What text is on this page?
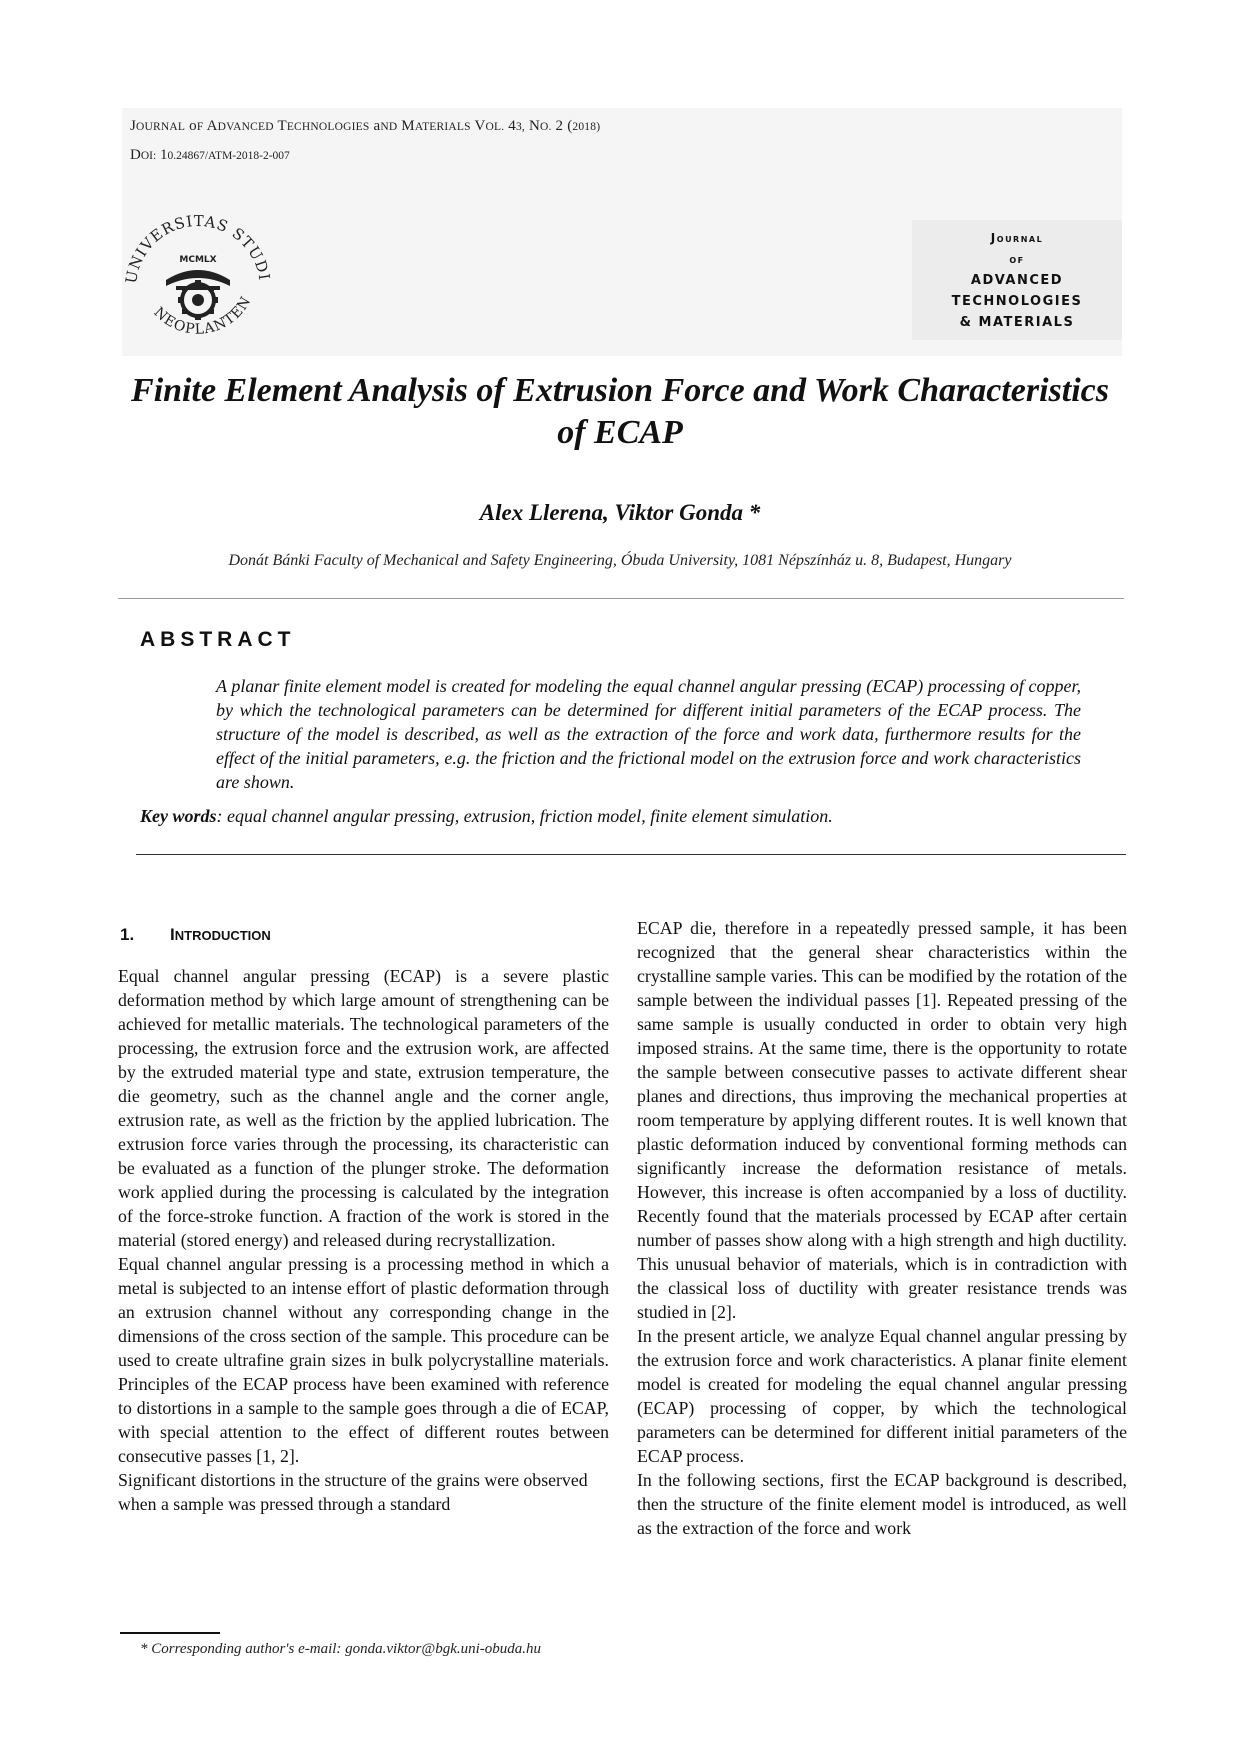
JOURNAL oF ADVANCED TECHNOLOGIES aND MATERIALS VOL. 43, NO. 2 (2018)
DOI: 10.24867/ATM-2018-2-007
UNIVERSITAS STUDI
NEOPLANTEN
MCMLX
Journal
of
ADVANCED
TECHNOLOGIES
& MATERIALS
Finite Element Analysis of Extrusion Force and Work Characteristics of ECAP
Alex Llerena, Viktor Gonda *
Donát Bánki Faculty of Mechanical and Safety Engineering, Óbuda University, 1081 Népszínház u. 8, Budapest, Hungary
ABSTRACT
A planar finite element model is created for modeling the equal channel angular pressing (ECAP) processing of copper, by which the technological parameters can be determined for different initial parameters of the ECAP process. The structure of the model is described, as well as the extraction of the force and work data, furthermore results for the effect of the initial parameters, e.g. the friction and the frictional model on the extrusion force and work characteristics are shown.
Key words: equal channel angular pressing, extrusion, friction model, finite element simulation.
1. INTRODUCTION

Equal channel angular pressing (ECAP) is a severe plastic deformation method by which large amount of strengthening can be achieved for metallic materials. The technological parameters of the processing, the extrusion force and the extrusion work, are affected by the extruded material type and state, extrusion temperature, the die geometry, such as the channel angle and the corner angle, extrusion rate, as well as the friction by the applied lubrication. The extrusion force varies through the processing, its characteristic can be evaluated as a function of the plunger stroke. The deformation work applied during the processing is calculated by the integration of the force-stroke function. A fraction of the work is stored in the material (stored energy) and released during recrystallization.

Equal channel angular pressing is a processing method in which a metal is subjected to an intense effort of plastic deformation through an extrusion channel without any corresponding change in the dimensions of the cross section of the sample. This procedure can be used to create ultrafine grain sizes in bulk polycrystalline materials. Principles of the ECAP process have been examined with reference to distortions in a sample to the sample goes through a die of ECAP, with special attention to the effect of different routes between consecutive passes [1, 2].

Significant distortions in the structure of the grains were observed when a sample was pressed through a standard

ECAP die, therefore in a repeatedly pressed sample, it has been recognized that the general shear characteristics within the crystalline sample varies. This can be modified by the rotation of the sample between the individual passes [1]. Repeated pressing of the same sample is usually conducted in order to obtain very high imposed strains. At the same time, there is the opportunity to rotate the sample between consecutive passes to activate different shear planes and directions, thus improving the mechanical properties at room temperature by applying different routes. It is well known that plastic deformation induced by conventional forming methods can significantly increase the deformation resistance of metals. However, this increase is often accompanied by a loss of ductility. Recently found that the materials processed by ECAP after certain number of passes show along with a high strength and high ductility. This unusual behavior of materials, which is in contradiction with the classical loss of ductility with greater resistance trends was studied in [2].

In the present article, we analyze Equal channel angular pressing by the extrusion force and work characteristics. A planar finite element model is created for modeling the equal channel angular pressing (ECAP) processing of copper, by which the technological parameters can be determined for different initial parameters of the ECAP process.

In the following sections, first the ECAP background is described, then the structure of the finite element model is introduced, as well as the extraction of the force and work

* Corresponding author's e-mail: gonda.viktor@bgk.uni-obuda.hu
